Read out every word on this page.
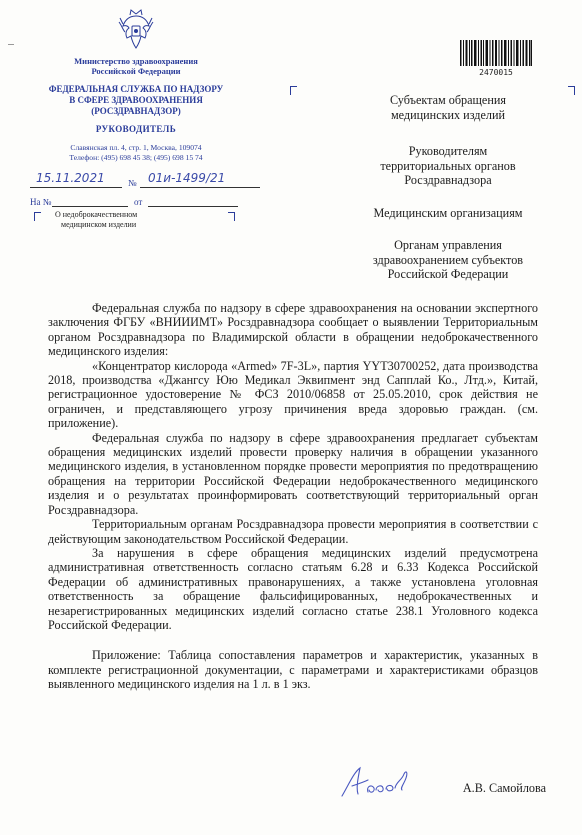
Министерство здравоохранения
Российской Федерации
ФЕДЕРАЛЬНАЯ СЛУЖБА ПО НАДЗОРУ
В СФЕРЕ ЗДРАВООХРАНЕНИЯ
(РОСЗДРАВНАДЗОР)
РУКОВОДИТЕЛЬ
Славянская пл. 4, стр. 1, Москва, 109074
Телефон: (495) 698 45 38; (495) 698 15 74
15.11.2021	№ 01и-1499/21
На №	от
О недоброкачественном
медицинском изделии
2470015

Субъектам обращения
медицинских изделий

Руководителям
территориальных органов
Росздравнадзора

Медицинским организациям

Органам управления
здравоохранением субъектов
Российской Федерации

Федеральная служба по надзору в сфере здравоохранения на основании экспертного заключения ФГБУ «ВНИИИМТ» Росздравнадзора сообщает о выявлении Территориальным органом Росздравнадзора по Владимирской области в обращении недоброкачественного медицинского изделия:

«Концентратор кислорода «Armed» 7F-3L», партия YYT30700252, дата производства 2018, производства «Джангсу Юю Медикал Эквипмент энд Сапплай Ко., Лтд.», Китай, регистрационное удостоверение № ФСЗ 2010/06858 от 25.05.2010, срок действия не ограничен, и представляющего угрозу причинения вреда здоровью граждан. (см. приложение).

Федеральная служба по надзору в сфере здравоохранения предлагает субъектам обращения медицинских изделий провести проверку наличия в обращении указанного медицинского изделия, в установленном порядке провести мероприятия по предотвращению обращения на территории Российской Федерации недоброкачественного медицинского изделия и о результатах проинформировать соответствующий территориальный орган Росздравнадзора.

Территориальным органам Росздравнадзора провести мероприятия в соответствии с действующим законодательством Российской Федерации.

За нарушения в сфере обращения медицинских изделий предусмотрена административная ответственность согласно статьям 6.28 и 6.33 Кодекса Российской Федерации об административных правонарушениях, а также установлена уголовная ответственность за обращение фальсифицированных, недоброкачественных и незарегистрированных медицинских изделий согласно статье 238.1 Уголовного кодекса Российской Федерации.

Приложение: Таблица сопоставления параметров и характеристик, указанных в комплекте регистрационной документации, с параметрами и характеристиками образцов выявленного медицинского изделия на 1 л. в 1 экз.

А.В. Самойлова
